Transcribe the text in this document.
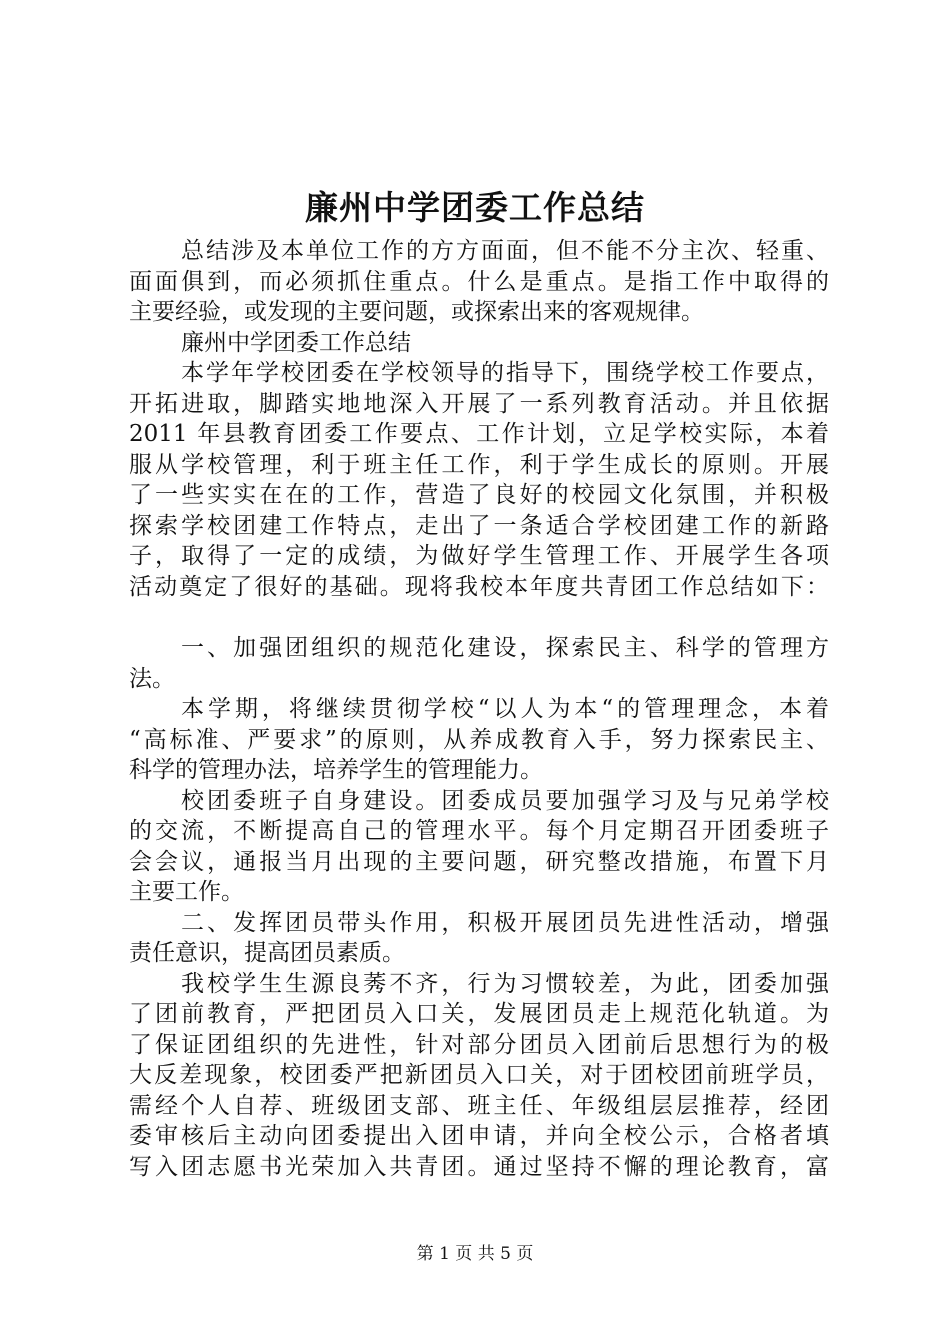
廉州中学团委工作总结
总结涉及本单位工作的方方面面，但不能不分主次、轻重、
面面俱到，而必须抓住重点。什么是重点。是指工作中取得的
主要经验，或发现的主要问题，或探索出来的客观规律。
廉州中学团委工作总结
本学年学校团委在学校领导的指导下，围绕学校工作要点，
开拓进取，脚踏实地地深入开展了一系列教育活动。并且依据
2011 年县教育团委工作要点、工作计划，立足学校实际，本着
服从学校管理，利于班主任工作，利于学生成长的原则。开展
了一些实实在在的工作，营造了良好的校园文化氛围，并积极
探索学校团建工作特点，走出了一条适合学校团建工作的新路
子，取得了一定的成绩，为做好学生管理工作、开展学生各项
活动奠定了很好的基础。现将我校本年度共青团工作总结如下：
一、加强团组织的规范化建设，探索民主、科学的管理方
法。
本学期，将继续贯彻学校“以人为本“的管理理念，本着
“高标准、严要求”的原则，从养成教育入手，努力探索民主、
科学的管理办法，培养学生的管理能力。
校团委班子自身建设。团委成员要加强学习及与兄弟学校
的交流，不断提高自己的管理水平。每个月定期召开团委班子
会会议，通报当月出现的主要问题，研究整改措施，布置下月
主要工作。
二、发挥团员带头作用，积极开展团员先进性活动，增强
责任意识，提高团员素质。
我校学生生源良莠不齐，行为习惯较差，为此，团委加强
了团前教育，严把团员入口关，发展团员走上规范化轨道。为
了保证团组织的先进性，针对部分团员入团前后思想行为的极
大反差现象，校团委严把新团员入口关，对于团校团前班学员，
需经个人自荐、班级团支部、班主任、年级组层层推荐，经团
委审核后主动向团委提出入团申请，并向全校公示，合格者填
写入团志愿书光荣加入共青团。通过坚持不懈的理论教育，富
第 1 页 共 5 页
